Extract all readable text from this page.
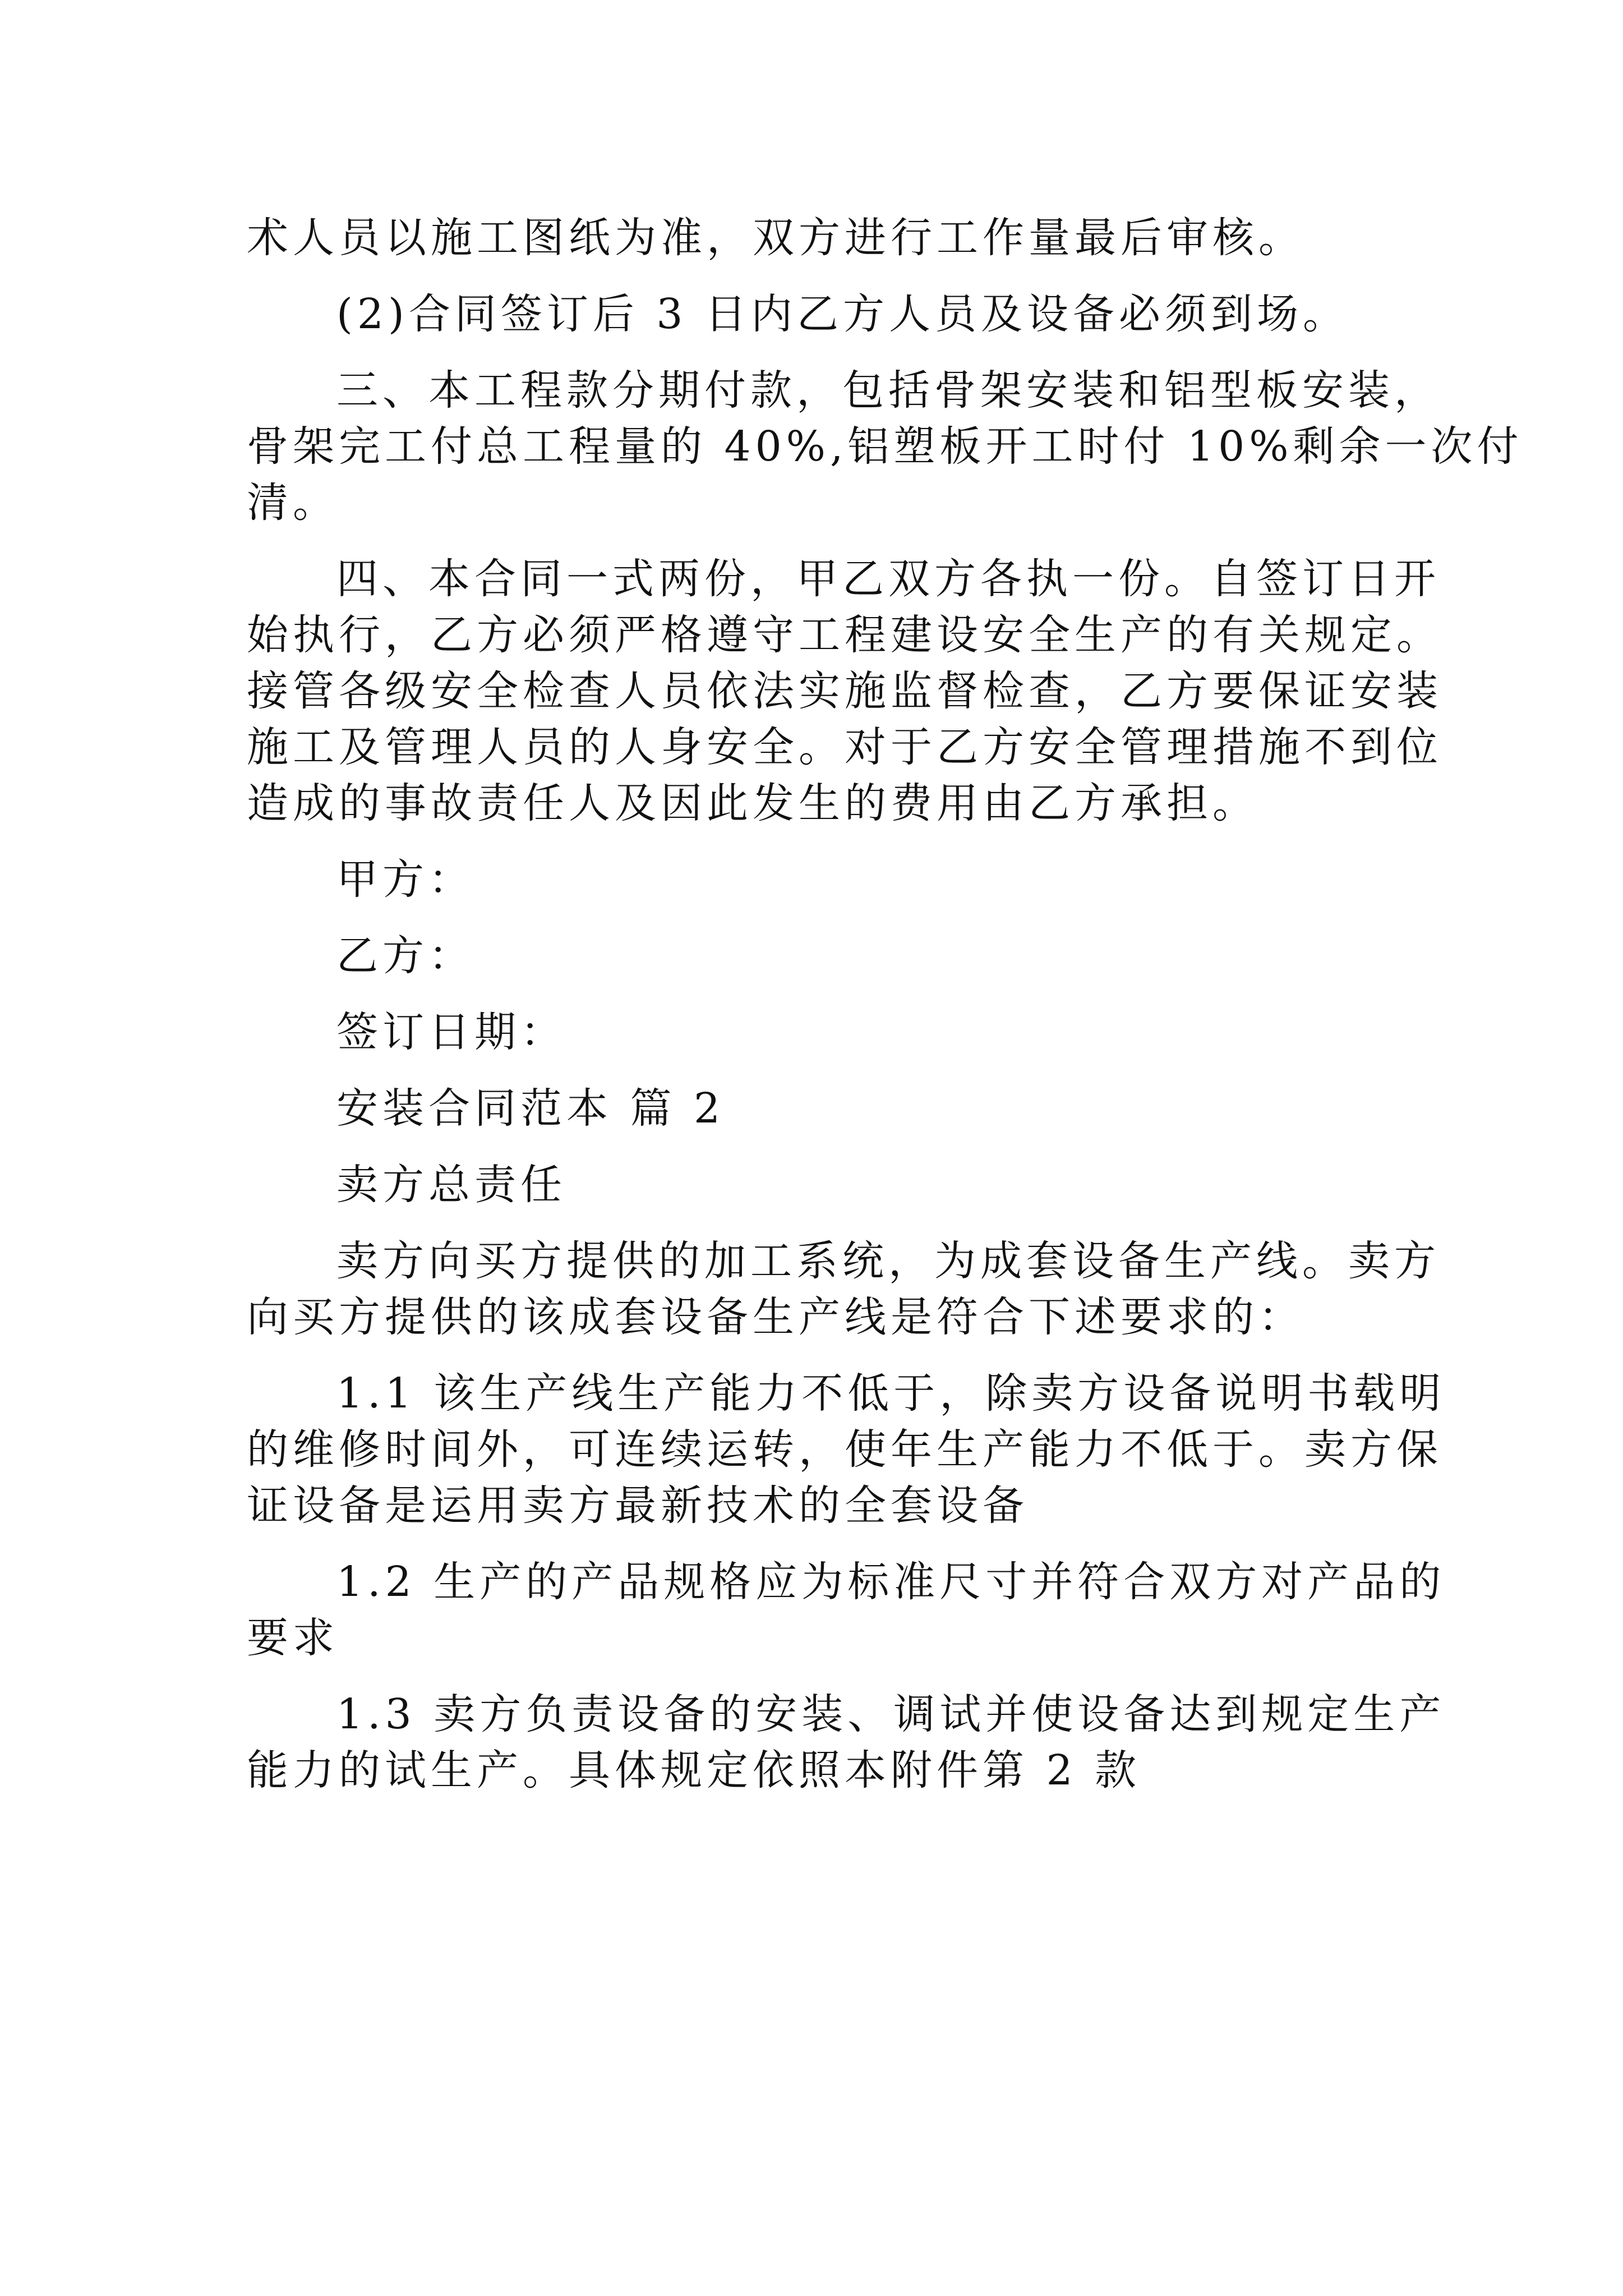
术人员以施工图纸为准，双方进行工作量最后审核。
(2)合同签订后 3 日内乙方人员及设备必须到场。
三、本工程款分期付款，包括骨架安装和铝型板安装，
骨架完工付总工程量的 40%,铝塑板开工时付 10%剩余一次付
清。
四、本合同一式两份，甲乙双方各执一份。自签订日开
始执行，乙方必须严格遵守工程建设安全生产的有关规定。
接管各级安全检查人员依法实施监督检查，乙方要保证安装
施工及管理人员的人身安全。对于乙方安全管理措施不到位
造成的事故责任人及因此发生的费用由乙方承担。
甲方：
乙方：
签订日期：
安装合同范本 篇 2
卖方总责任
卖方向买方提供的加工系统，为成套设备生产线。卖方
向买方提供的该成套设备生产线是符合下述要求的：
1.1 该生产线生产能力不低于，除卖方设备说明书载明
的维修时间外，可连续运转，使年生产能力不低于。卖方保
证设备是运用卖方最新技术的全套设备
1.2 生产的产品规格应为标准尺寸并符合双方对产品的
要求
1.3 卖方负责设备的安装、调试并使设备达到规定生产
能力的试生产。具体规定依照本附件第 2 款
